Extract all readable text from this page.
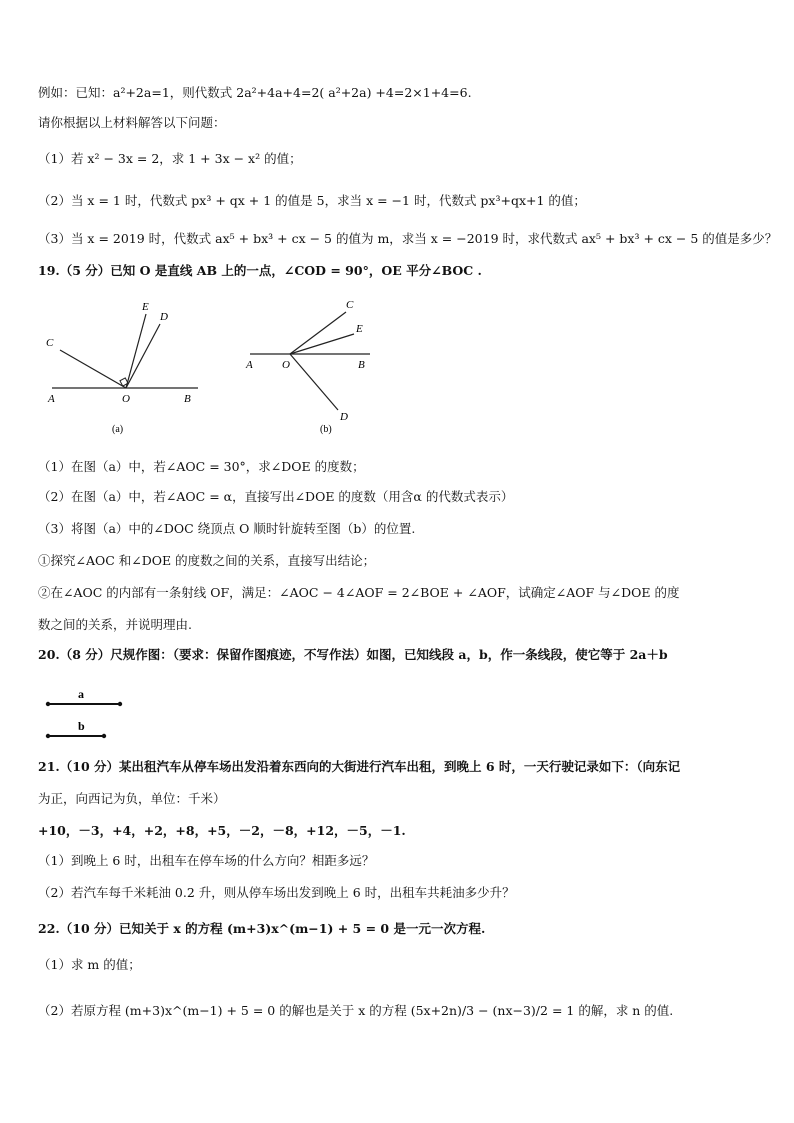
例如：已知：a²+2a=1，则代数式 2a²+4a+4=2( a²+2a) +4=2×1+4=6.
请你根据以上材料解答以下问题：
（1）若 x² − 3x = 2，求 1 + 3x − x² 的值；
（2）当 x = 1 时，代数式 px³ + qx + 1 的值是 5，求当 x = −1 时，代数式 px³+qx+1 的值；
（3）当 x = 2019 时，代数式 ax⁵ + bx³ + cx − 5 的值为 m，求当 x = −2019 时，求代数式 ax⁵ + bx³ + cx − 5 的值是多少？
19.（5 分）已知 O 是直线 AB 上的一点，∠COD = 90°，OE 平分∠BOC .
C
E
D
A	O	B
(a)
C
E
A	O	B
D
(b)
（1）在图（a）中，若∠AOC = 30°，求∠DOE 的度数；
（2）在图（a）中，若∠AOC = α，直接写出∠DOE 的度数（用含α 的代数式表示）
（3）将图（a）中的∠DOC 绕顶点 O 顺时针旋转至图（b）的位置.
①探究∠AOC 和∠DOE 的度数之间的关系，直接写出结论；
②在∠AOC 的内部有一条射线 OF，满足：∠AOC − 4∠AOF = 2∠BOE + ∠AOF，试确定∠AOF 与∠DOE 的度
数之间的关系，并说明理由.
20.（8 分）尺规作图：（要求：保留作图痕迹，不写作法）如图，已知线段 a，b，作一条线段，使它等于 2a＋b
a
b
21.（10 分）某出租汽车从停车场出发沿着东西向的大街进行汽车出租，到晚上 6 时，一天行驶记录如下：（向东记
为正，向西记为负，单位：千米）
+10，－3，+4，+2，+8，+5，－2，－8，+12，－5，－1.
（1）到晚上 6 时，出租车在停车场的什么方向？相距多远？
（2）若汽车每千米耗油 0.2 升，则从停车场出发到晚上 6 时，出租车共耗油多少升？
22.（10 分）已知关于 x 的方程 (m+3)x^(m−1) + 5 = 0 是一元一次方程.
（1）求 m 的值；
（2）若原方程 (m+3)x^(m−1) + 5 = 0 的解也是关于 x 的方程 (5x+2n)/3 − (nx−3)/2 = 1 的解，求 n 的值.
